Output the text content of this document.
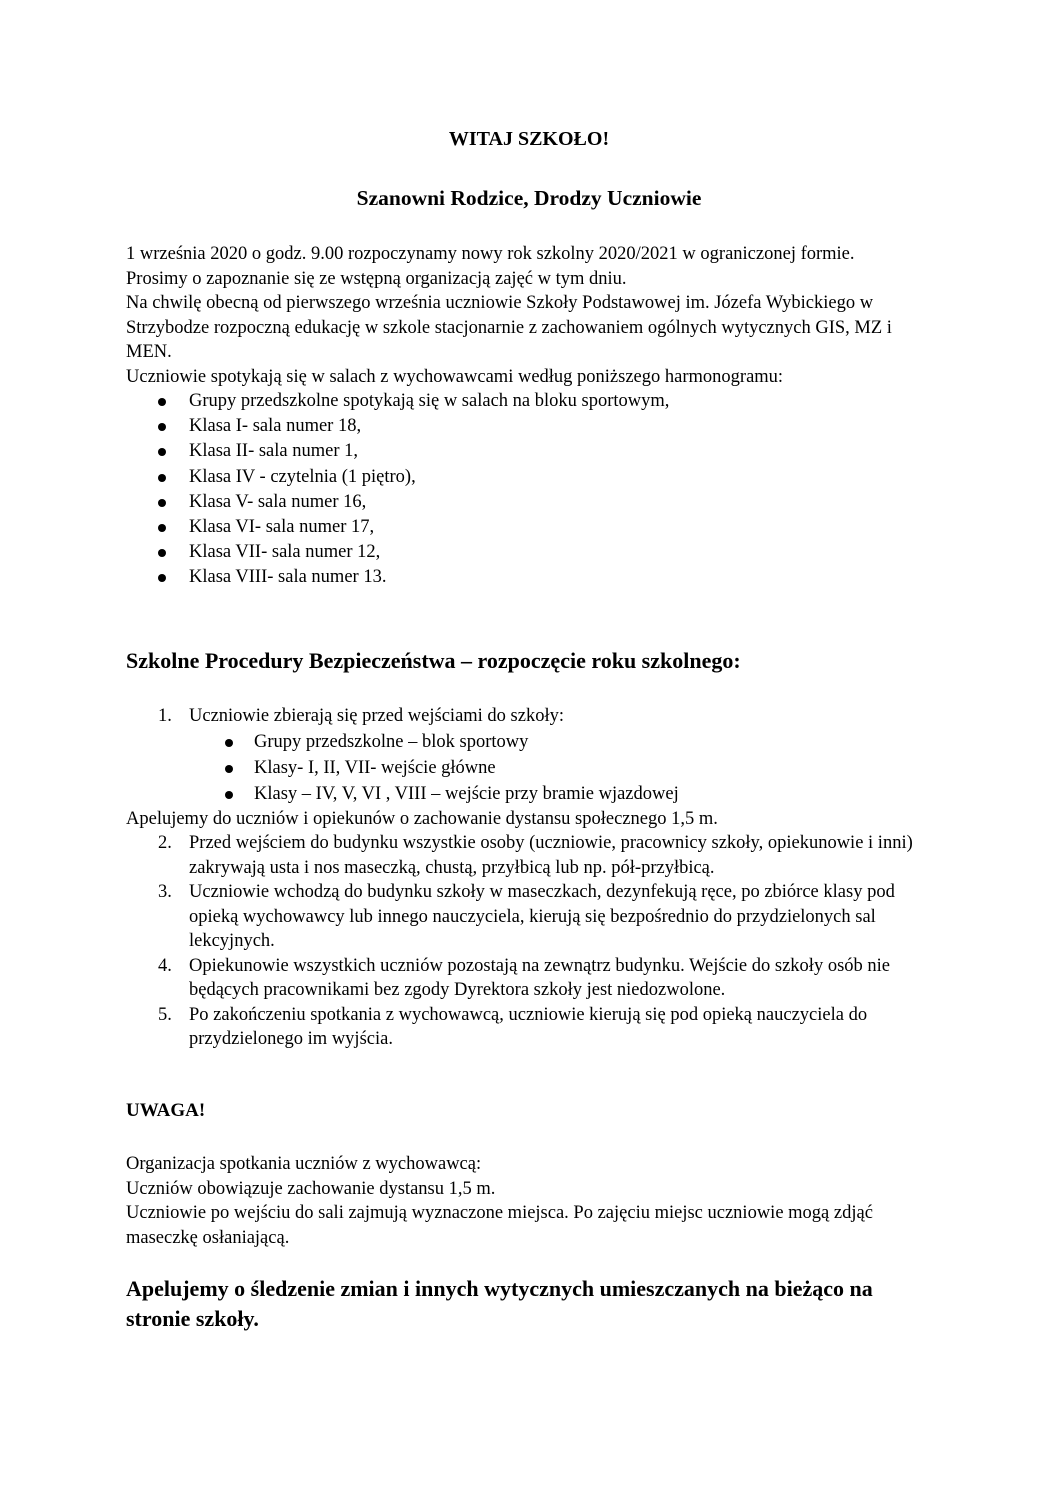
WITAJ SZKOŁO!
Szanowni Rodzice, Drodzy Uczniowie

1 września 2020 o godz. 9.00 rozpoczynamy nowy rok szkolny 2020/2021 w ograniczonej formie.

Prosimy o zapoznanie się ze wstępną organizacją zajęć w tym dniu.

Na chwilę obecną od pierwszego września uczniowie Szkoły Podstawowej im. Józefa Wybickiego w Strzybodze rozpoczną edukację w szkole stacjonarnie z zachowaniem ogólnych wytycznych GIS, MZ i MEN.

Uczniowie spotykają się w salach z wychowawcami według poniższego harmonogramu:

Grupy przedszkolne spotykają się w salach na bloku sportowym,
Klasa I- sala numer 18,
Klasa II- sala numer 1,
Klasa IV - czytelnia (1 piętro),
Klasa V- sala numer 16,
Klasa VI- sala numer 17,
Klasa VII- sala numer 12,
Klasa VIII- sala numer 13.
Szkolne Procedury Bezpieczeństwa – rozpoczęcie roku szkolnego:
1. Uczniowie zbierają się przed wejściami do szkoły:
Grupy przedszkolne – blok sportowy
Klasy- I, II, VII- wejście główne
Klasy – IV, V, VI , VIII – wejście przy bramie wjazdowej

Apelujemy do uczniów i opiekunów o zachowanie dystansu społecznego 1,5 m.

2. Przed wejściem do budynku wszystkie osoby (uczniowie, pracownicy szkoły, opiekunowie i inni) zakrywają usta i nos maseczką, chustą, przyłbicą lub np. pół-przyłbicą.
3. Uczniowie wchodzą do budynku szkoły w maseczkach, dezynfekują ręce, po zbiórce klasy pod opieką wychowawcy lub innego nauczyciela, kierują się bezpośrednio do przydzielonych sal lekcyjnych.
4. Opiekunowie wszystkich uczniów pozostają na zewnątrz budynku. Wejście do szkoły osób nie będących pracownikami bez zgody Dyrektora szkoły jest niedozwolone.
5. Po zakończeniu spotkania z wychowawcą, uczniowie kierują się pod opieką nauczyciela do przydzielonego im wyjścia.

UWAGA!

Organizacja spotkania uczniów z wychowawcą:

Uczniów obowiązuje zachowanie dystansu 1,5 m.

Uczniowie po wejściu do sali zajmują wyznaczone miejsca. Po zajęciu miejsc uczniowie mogą zdjąć maseczkę osłaniającą.

Apelujemy o śledzenie zmian i innych wytycznych umieszczanych na bieżąco na stronie szkoły.
